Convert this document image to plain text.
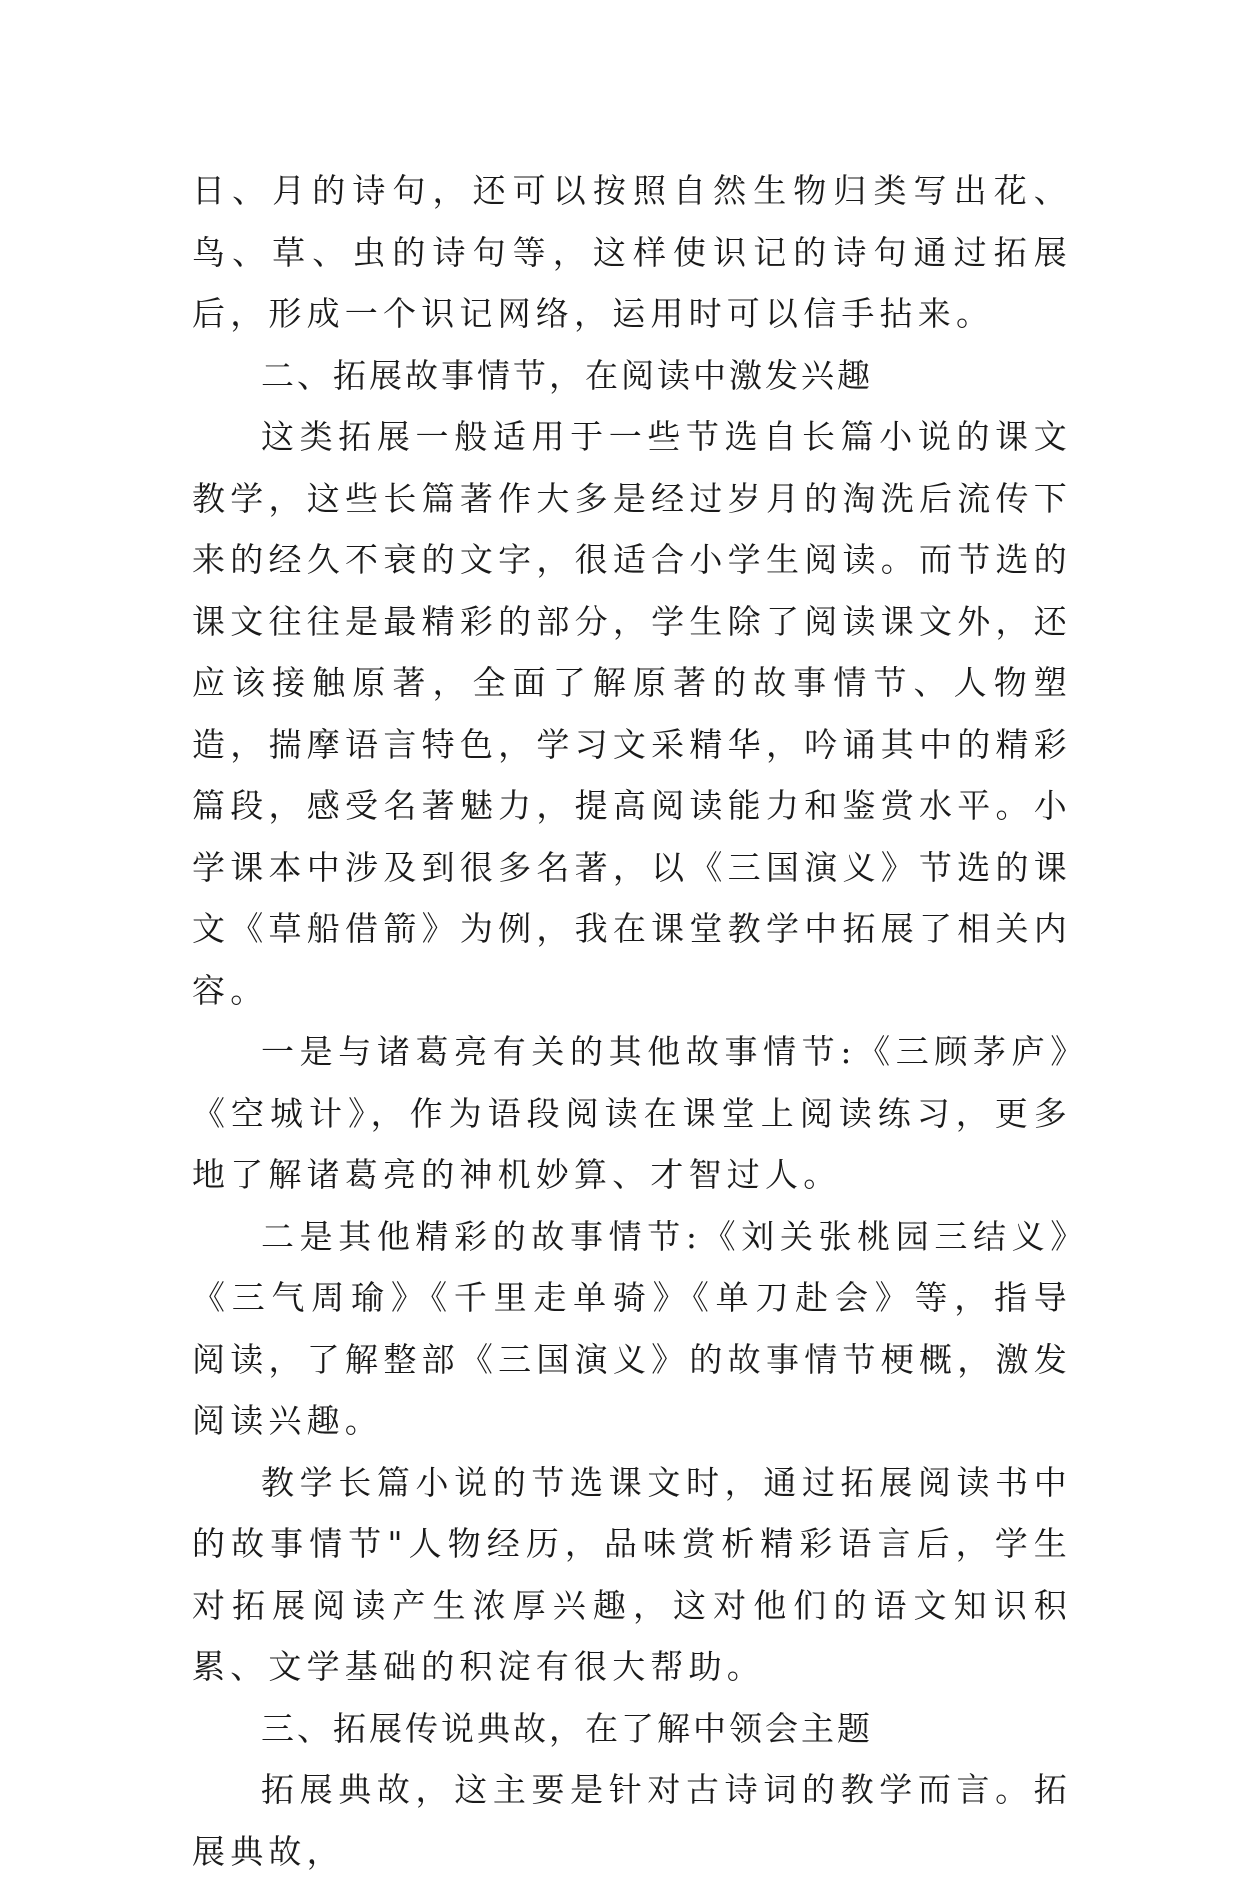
日、月的诗句，还可以按照自然生物归类写出花、鸟、草、虫的诗句等，这样使识记的诗句通过拓展后，形成一个识记网络，运用时可以信手拈来。

二、拓展故事情节，在阅读中激发兴趣

这类拓展一般适用于一些节选自长篇小说的课文教学，这些长篇著作大多是经过岁月的淘洗后流传下来的经久不衰的文字，很适合小学生阅读。而节选的课文往往是最精彩的部分，学生除了阅读课文外，还应该接触原著，全面了解原著的故事情节、人物塑造，揣摩语言特色，学习文采精华，吟诵其中的精彩篇段，感受名著魅力，提高阅读能力和鉴赏水平。小学课本中涉及到很多名著，以《三国演义》节选的课文《草船借箭》为例，我在课堂教学中拓展了相关内容。

一是与诸葛亮有关的其他故事情节:《三顾茅庐》《空城计》，作为语段阅读在课堂上阅读练习，更多地了解诸葛亮的神机妙算、才智过人。

二是其他精彩的故事情节:《刘关张桃园三结义》《三气周瑜》《千里走单骑》《单刀赴会》等，指导阅读，了解整部《三国演义》的故事情节梗概，激发阅读兴趣。

教学长篇小说的节选课文时，通过拓展阅读书中的故事情节"人物经历，品味赏析精彩语言后，学生对拓展阅读产生浓厚兴趣，这对他们的语文知识积累、文学基础的积淀有很大帮助。

三、拓展传说典故，在了解中领会主题

拓展典故，这主要是针对古诗词的教学而言。拓展典故，
